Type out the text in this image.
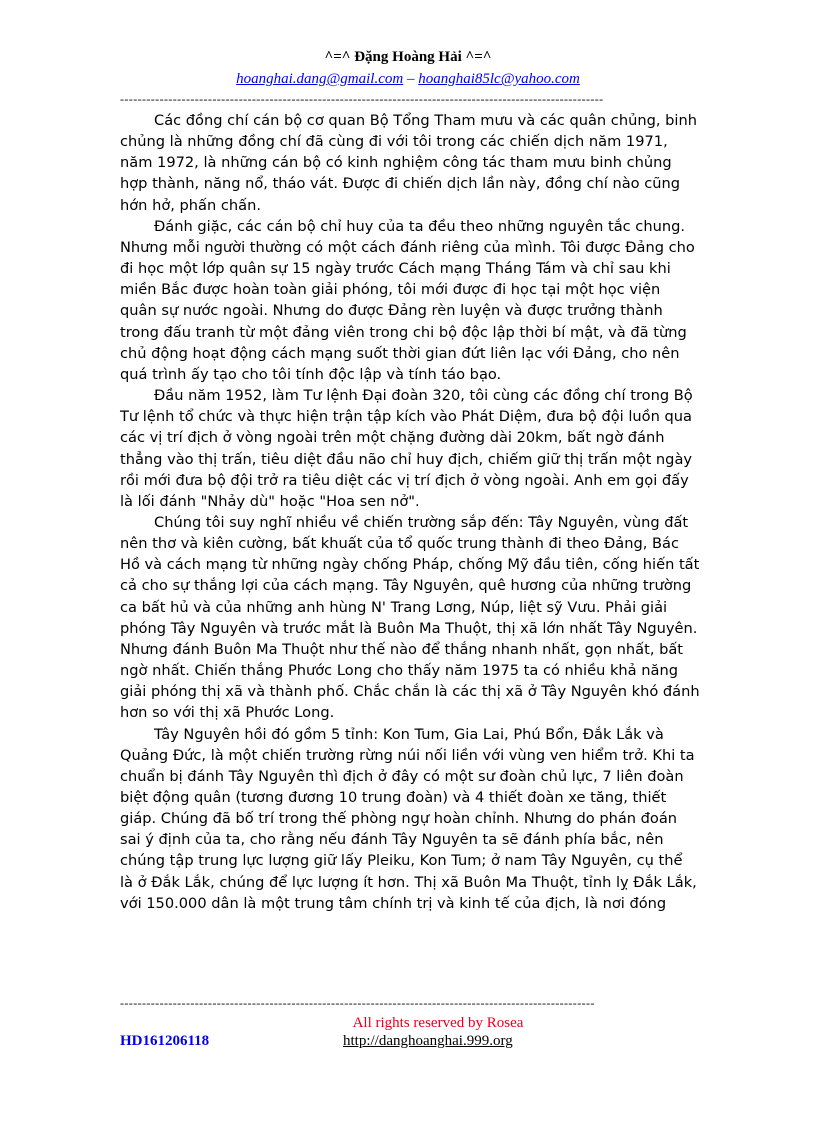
^=^ Đặng Hoàng Hải ^=^
hoanghai.dang@gmail.com – hoanghai85lc@yahoo.com
--------------------------------------------------------------------------------------------------------------

Các đồng chí cán bộ cơ quan Bộ Tổng Tham mưu và các quân chủng, binh chủng là những đồng chí đã cùng đi với tôi trong các chiến dịch năm 1971, năm 1972, là những cán bộ có kinh nghiệm công tác tham mưu binh chủng hợp thành, năng nổ, tháo vát. Được đi chiến dịch lần này, đồng chí nào cũng hớn hở, phấn chấn.

Đánh giặc, các cán bộ chỉ huy của ta đều theo những nguyên tắc chung. Nhưng mỗi người thường có một cách đánh riêng của mình. Tôi được Đảng cho đi học một lớp quân sự 15 ngày trước Cách mạng Tháng Tám và chỉ sau khi miền Bắc được hoàn toàn giải phóng, tôi mới được đi học tại một học viện quân sự nước ngoài. Nhưng do được Đảng rèn luyện và được trưởng thành trong đấu tranh từ một đảng viên trong chi bộ độc lập thời bí mật, và đã từng chủ động hoạt động cách mạng suốt thời gian đứt liên lạc với Đảng, cho nên quá trình ấy tạo cho tôi tính độc lập và tính táo bạo.

Đầu năm 1952, làm Tư lệnh Đại đoàn 320, tôi cùng các đồng chí trong Bộ Tư lệnh tổ chức và thực hiện trận tập kích vào Phát Diệm, đưa bộ đội luồn qua các vị trí địch ở vòng ngoài trên một chặng đường dài 20km, bất ngờ đánh thẳng vào thị trấn, tiêu diệt đầu não chỉ huy địch, chiếm giữ thị trấn một ngày rồi mới đưa bộ đội trở ra tiêu diệt các vị trí địch ở vòng ngoài. Anh em gọi đấy là lối đánh "Nhảy dù" hoặc "Hoa sen nở".

Chúng tôi suy nghĩ nhiều về chiến trường sắp đến: Tây Nguyên, vùng đất nên thơ và kiên cường, bất khuất của tổ quốc trung thành đi theo Đảng, Bác Hồ và cách mạng từ những ngày chống Pháp, chống Mỹ đầu tiên, cống hiến tất cả cho sự thắng lợi của cách mạng. Tây Nguyên, quê hương của những trường ca bất hủ và của những anh hùng N' Trang Lơng, Núp, liệt sỹ Vưu. Phải giải phóng Tây Nguyên và trước mắt là Buôn Ma Thuột, thị xã lớn nhất Tây Nguyên. Nhưng đánh Buôn Ma Thuột như thế nào để thắng nhanh nhất, gọn nhất, bất ngờ nhất. Chiến thắng Phước Long cho thấy năm 1975 ta có nhiều khả năng giải phóng thị xã và thành phố. Chắc chắn là các thị xã ở Tây Nguyên khó đánh hơn so với thị xã Phước Long.

Tây Nguyên hồi đó gồm 5 tỉnh: Kon Tum, Gia Lai, Phú Bổn, Đắk Lắk và Quảng Đức, là một chiến trường rừng núi nối liền với vùng ven hiểm trở. Khi ta chuẩn bị đánh Tây Nguyên thì địch ở đây có một sư đoàn chủ lực, 7 liên đoàn biệt động quân (tương đương 10 trung đoàn) và 4 thiết đoàn xe tăng, thiết giáp. Chúng đã bố trí trong thế phòng ngự hoàn chỉnh. Nhưng do phán đoán sai ý định của ta, cho rằng nếu đánh Tây Nguyên ta sẽ đánh phía bắc, nên chúng tập trung lực lượng giữ lấy Pleiku, Kon Tum; ở nam Tây Nguyên, cụ thể là ở Đắk Lắk, chúng để lực lượng ít hơn. Thị xã Buôn Ma Thuột, tỉnh lỵ Đắk Lắk, với 150.000 dân là một trung tâm chính trị và kinh tế của địch, là nơi đóng

------------------------------------------------------------------------------------------------------------
All rights reserved by Rosea
HD161206118	http://danghoanghai.999.org
